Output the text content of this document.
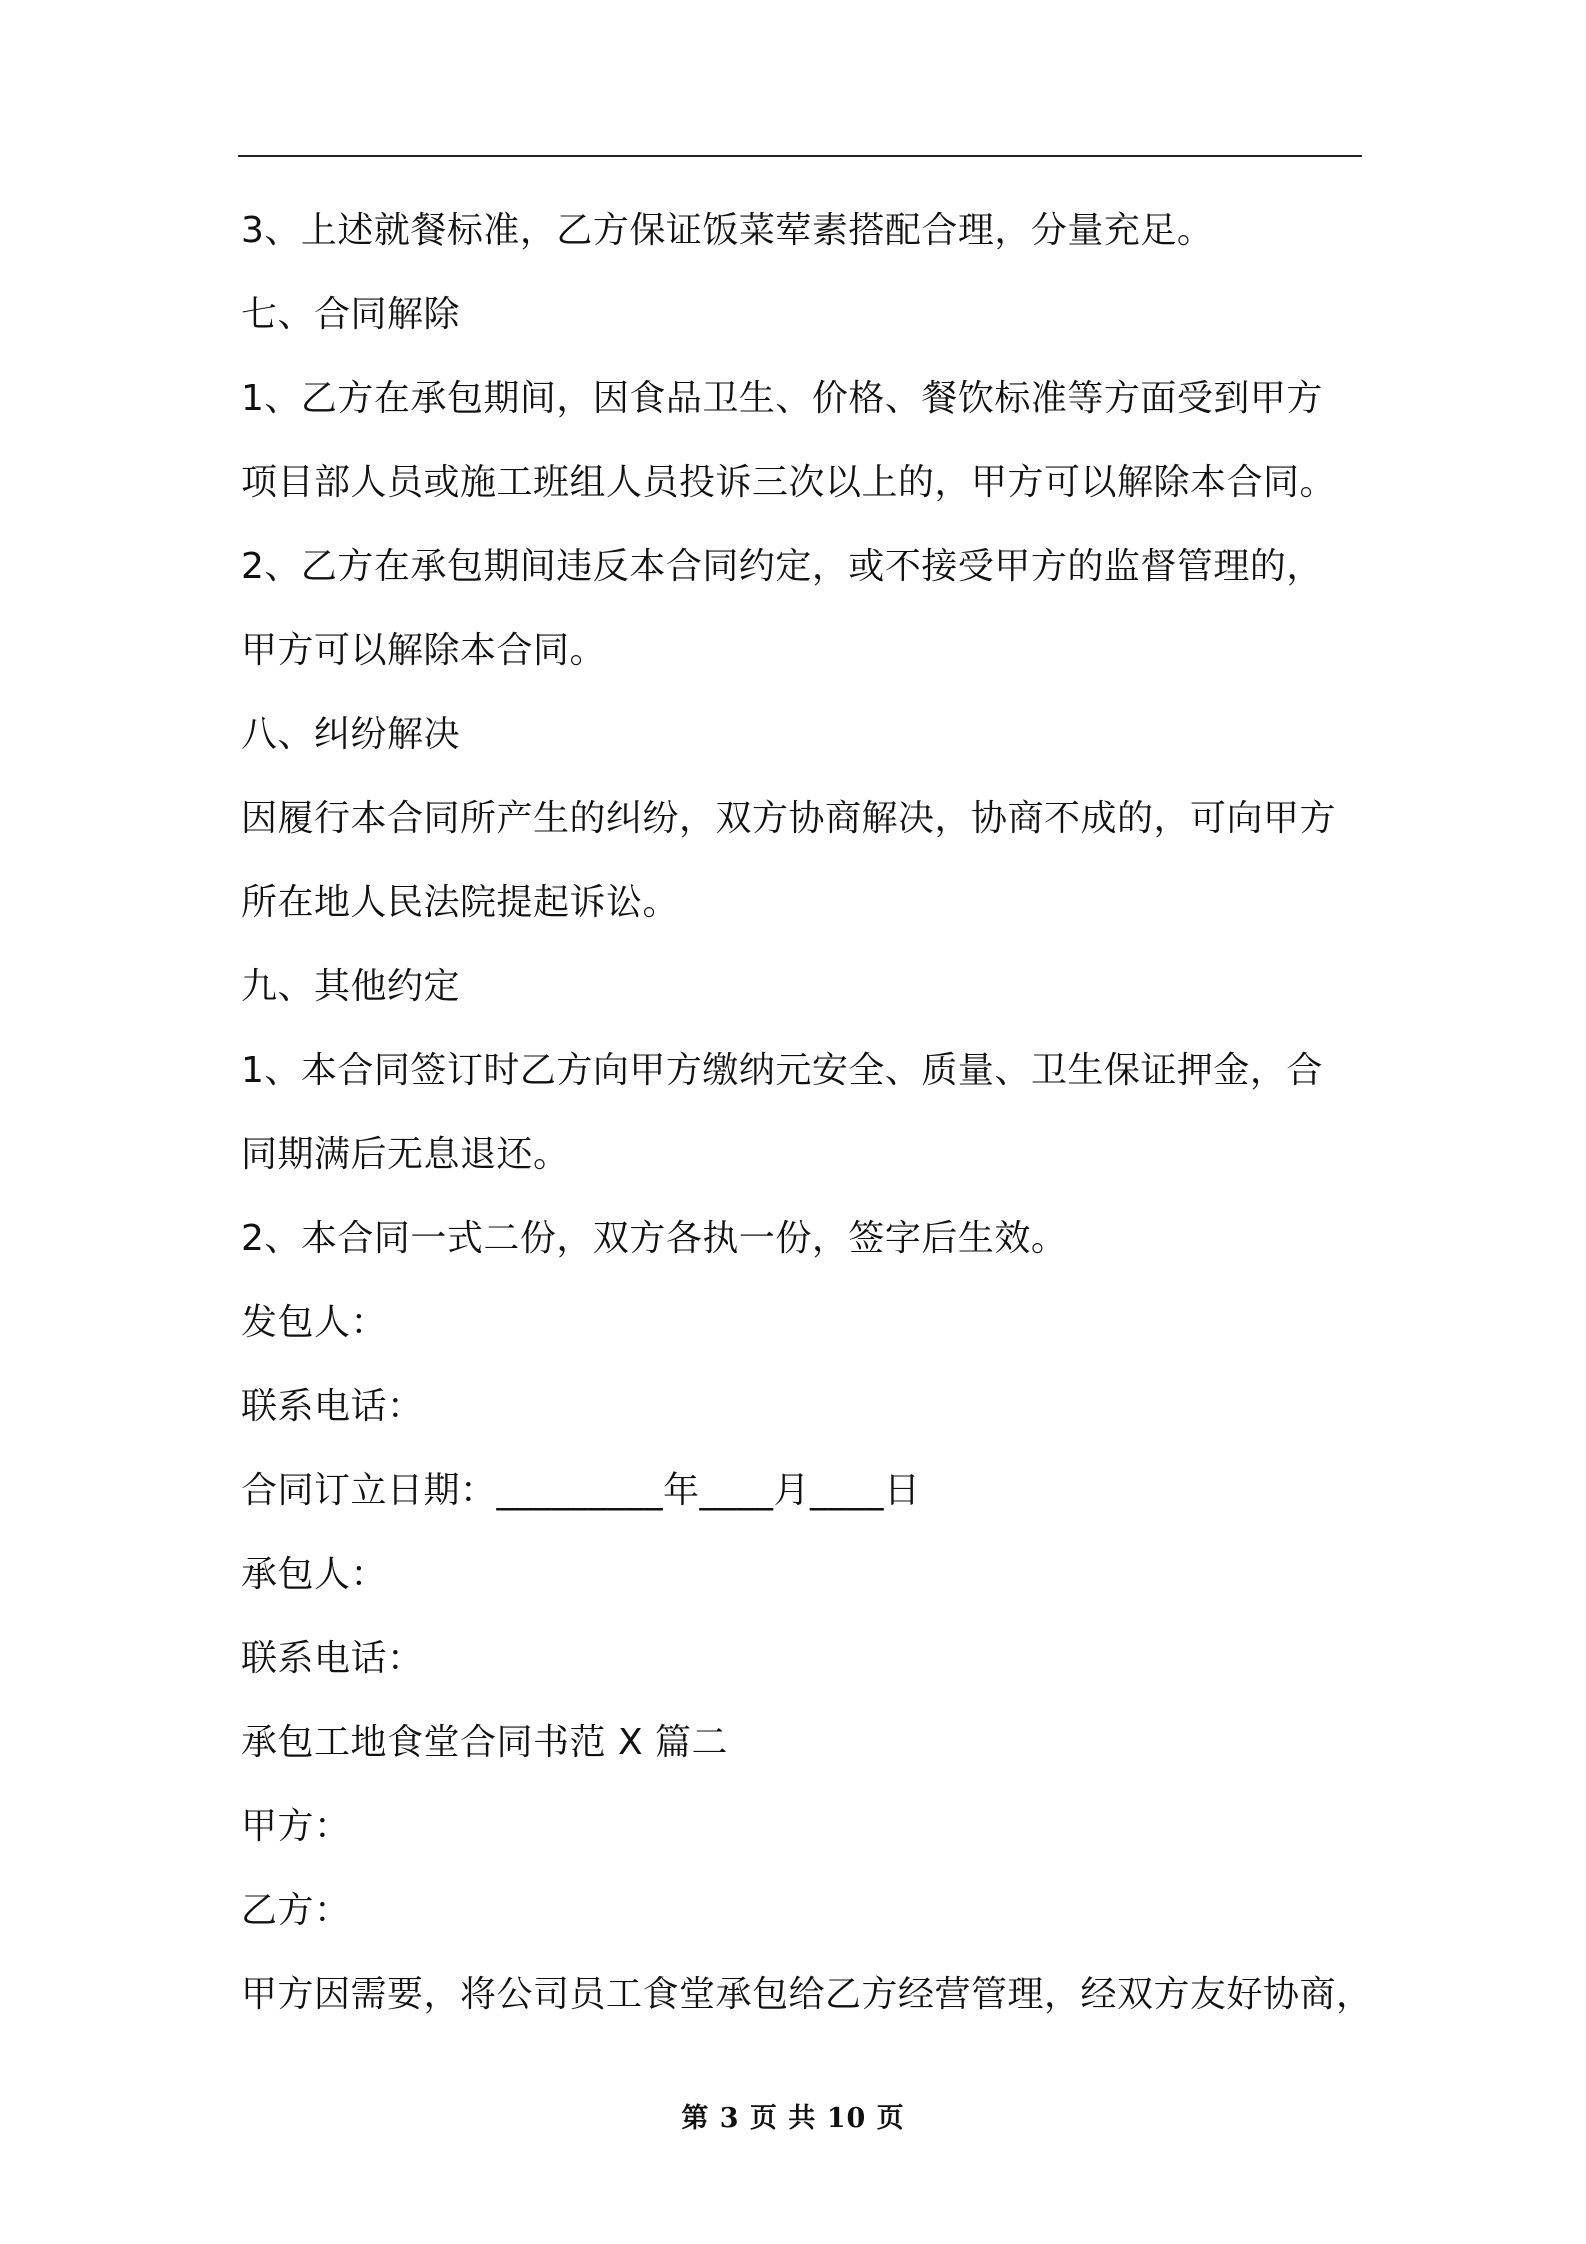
3、上述就餐标准，乙方保证饭菜荤素搭配合理，分量充足。
七、合同解除
1、乙方在承包期间，因食品卫生、价格、餐饮标准等方面受到甲方
项目部人员或施工班组人员投诉三次以上的，甲方可以解除本合同。
2、乙方在承包期间违反本合同约定，或不接受甲方的监督管理的，
甲方可以解除本合同。
八、纠纷解决
因履行本合同所产生的纠纷，双方协商解决，协商不成的，可向甲方
所在地人民法院提起诉讼。
九、其他约定
1、本合同签订时乙方向甲方缴纳元安全、质量、卫生保证押金，合
同期满后无息退还。
2、本合同一式二份，双方各执一份，签字后生效。
发包人：
联系电话：
合同订立日期：_________年____月____日
承包人：
联系电话：
承包工地食堂合同书范 X 篇二
甲方：
乙方：
甲方因需要，将公司员工食堂承包给乙方经营管理，经双方友好协商，
第 3 页 共 10 页
